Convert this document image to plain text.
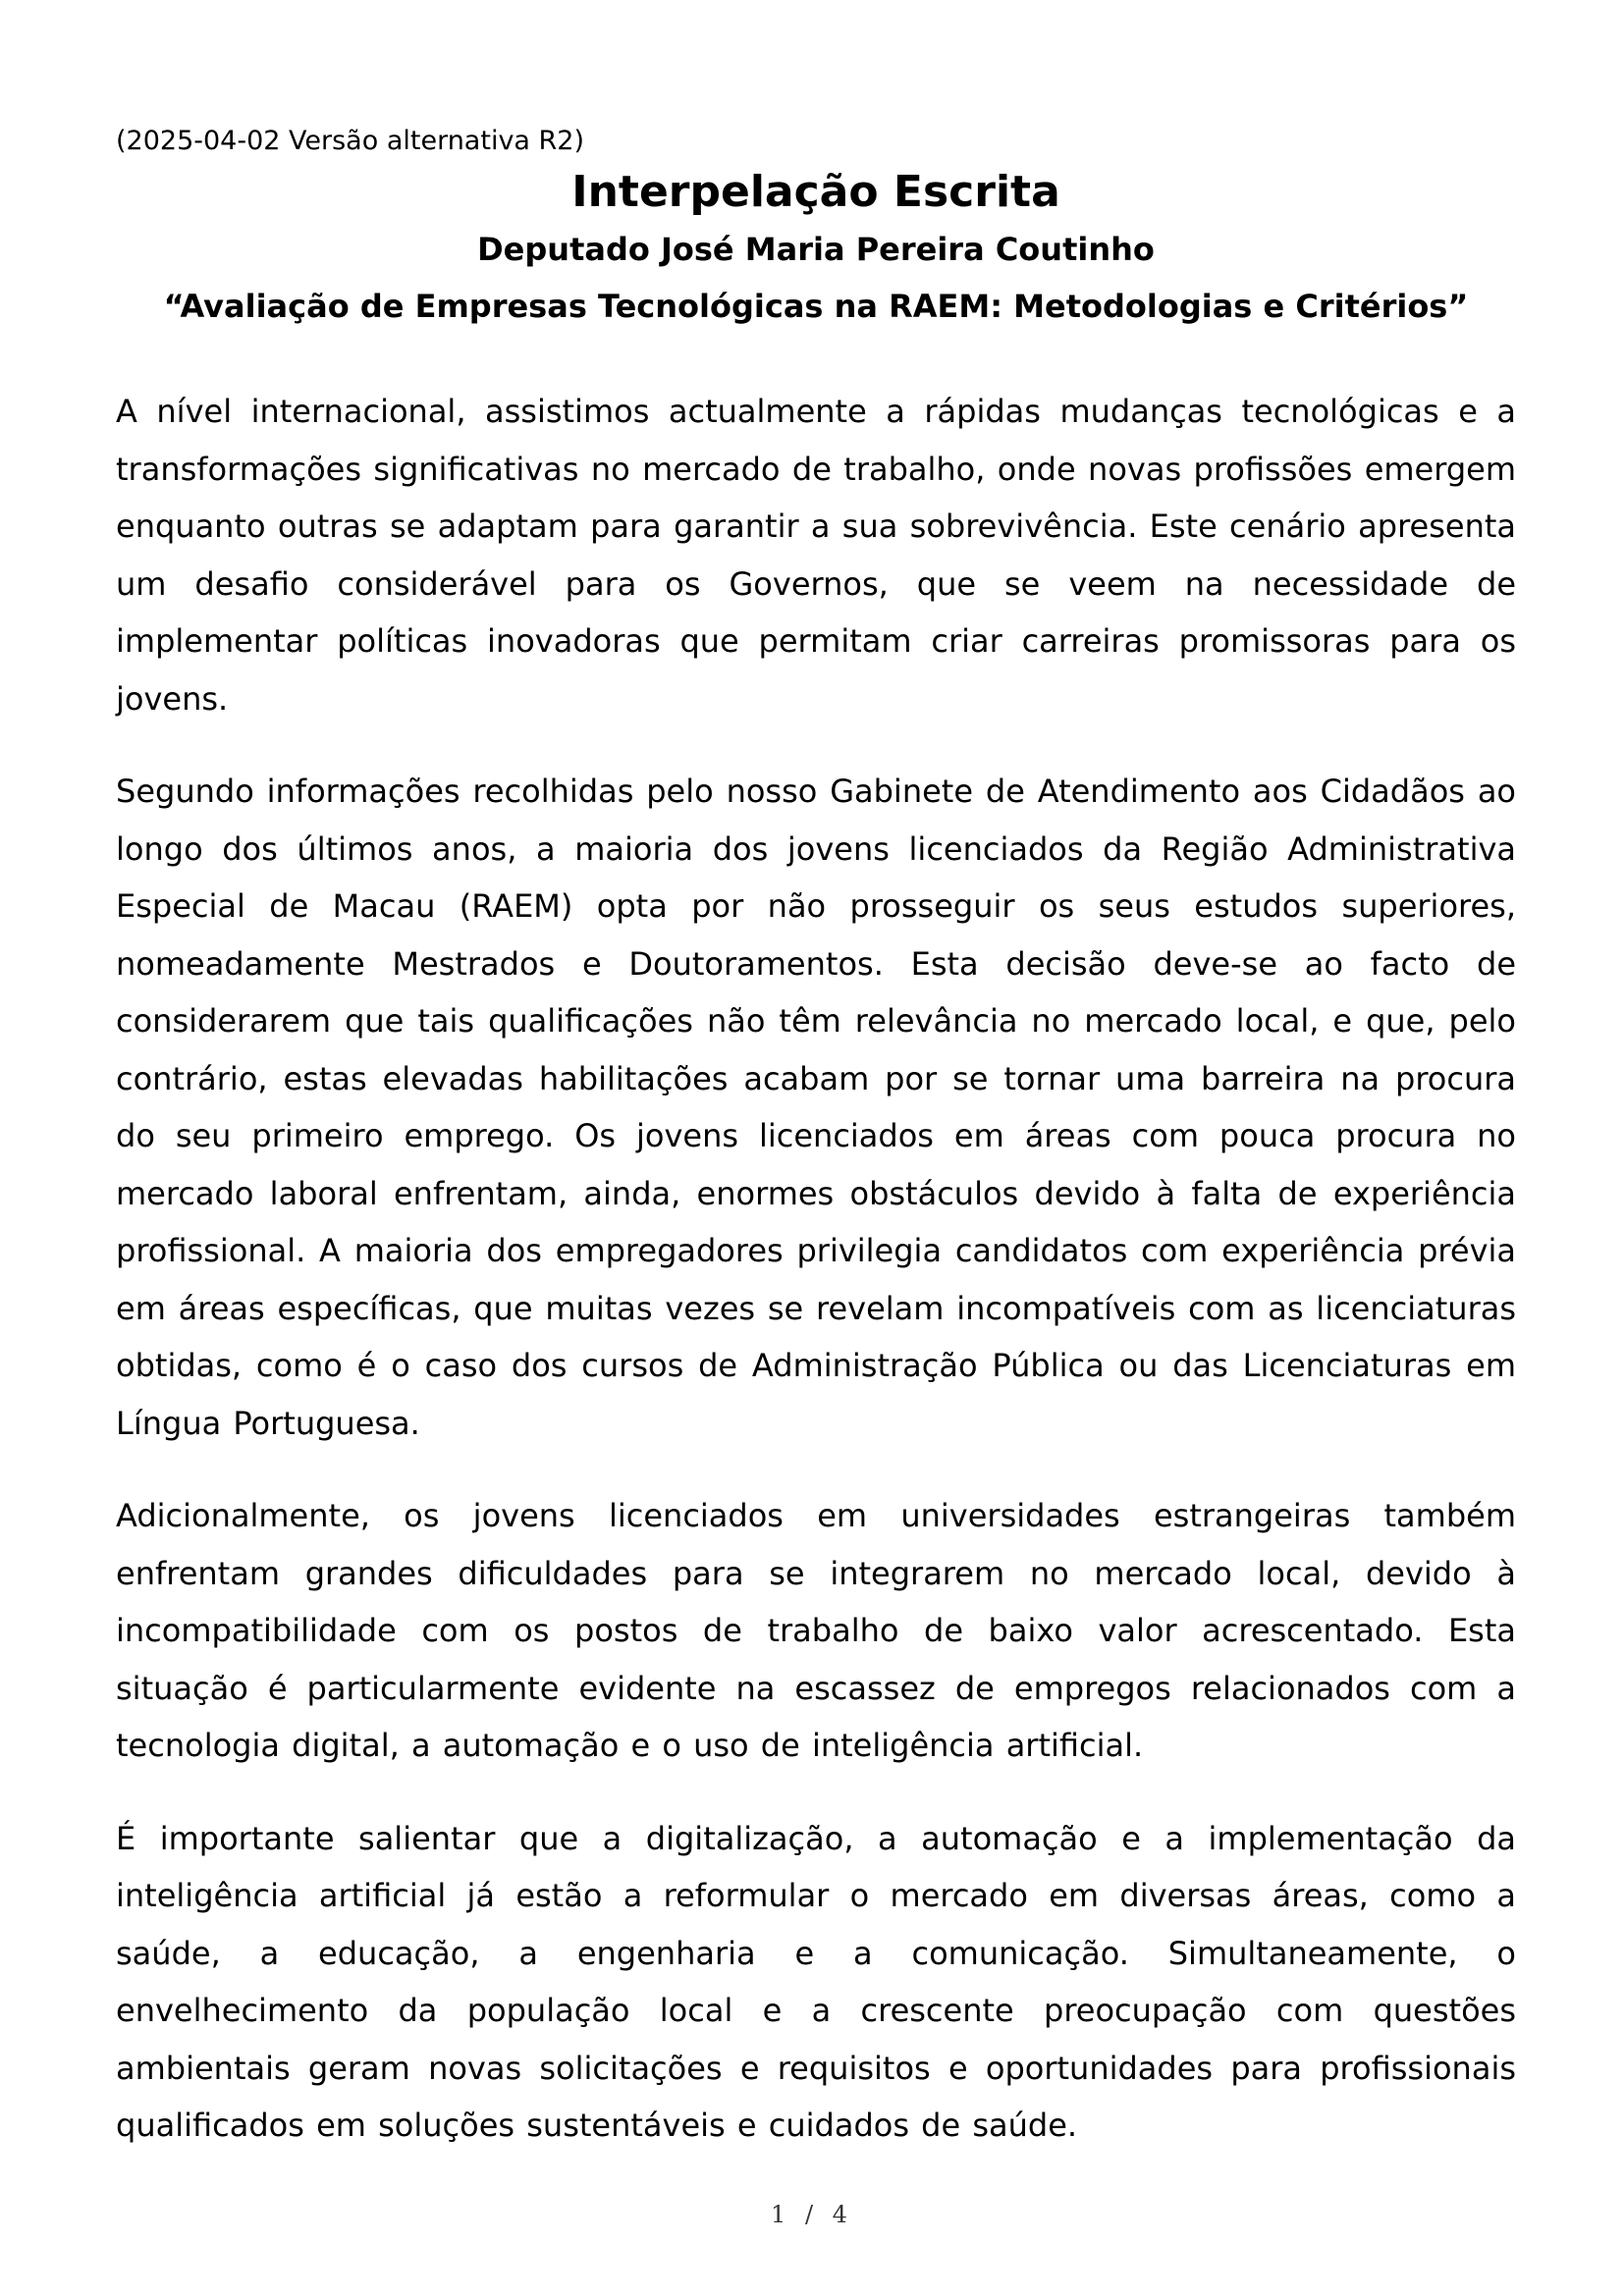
(2025-04-02 Versão alternativa R2)

Interpelação Escrita
Deputado José Maria Pereira Coutinho
“Avaliação de Empresas Tecnológicas na RAEM: Metodologias e Critérios”

A nível internacional, assistimos actualmente a rápidas mudanças tecnológicas e a transformações significativas no mercado de trabalho, onde novas profissões emergem enquanto outras se adaptam para garantir a sua sobrevivência. Este cenário apresenta um desafio considerável para os Governos, que se veem na necessidade de implementar políticas inovadoras que permitam criar carreiras promissoras para os jovens.

Segundo informações recolhidas pelo nosso Gabinete de Atendimento aos Cidadãos ao longo dos últimos anos, a maioria dos jovens licenciados da Região Administrativa Especial de Macau (RAEM) opta por não prosseguir os seus estudos superiores, nomeadamente Mestrados e Doutoramentos. Esta decisão deve-se ao facto de considerarem que tais qualificações não têm relevância no mercado local, e que, pelo contrário, estas elevadas habilitações acabam por se tornar uma barreira na procura do seu primeiro emprego. Os jovens licenciados em áreas com pouca procura no mercado laboral enfrentam, ainda, enormes obstáculos devido à falta de experiência profissional. A maioria dos empregadores privilegia candidatos com experiência prévia em áreas específicas, que muitas vezes se revelam incompatíveis com as licenciaturas obtidas, como é o caso dos cursos de Administração Pública ou das Licenciaturas em Língua Portuguesa.

Adicionalmente, os jovens licenciados em universidades estrangeiras também enfrentam grandes dificuldades para se integrarem no mercado local, devido à incompatibilidade com os postos de trabalho de baixo valor acrescentado. Esta situação é particularmente evidente na escassez de empregos relacionados com a tecnologia digital, a automação e o uso de inteligência artificial.

É importante salientar que a digitalização, a automação e a implementação da inteligência artificial já estão a reformular o mercado em diversas áreas, como a saúde, a educação, a engenharia e a comunicação. Simultaneamente, o envelhecimento da população local e a crescente preocupação com questões ambientais geram novas solicitações e requisitos e oportunidades para profissionais qualificados em soluções sustentáveis e cuidados de saúde.

1 / 4
